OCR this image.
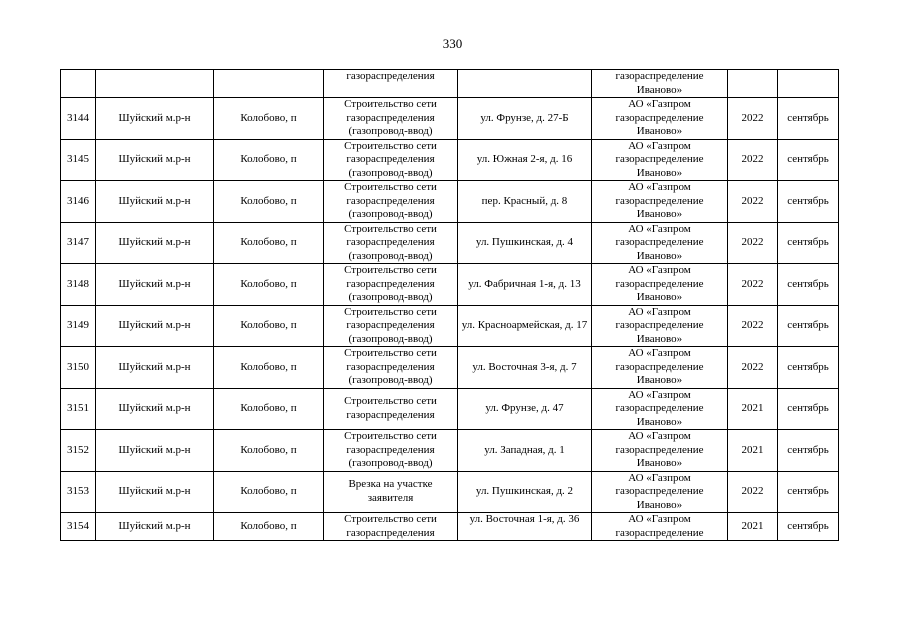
330
			газораспределения		газораспределение Иваново»		
3144	Шуйский м.р-н	Колобово, п	Строительство сети газораспределения (газопровод-ввод)	ул. Фрунзе, д. 27-Б	АО «Газпром газораспределение Иваново»	2022	сентябрь
3145	Шуйский м.р-н	Колобово, п	Строительство сети газораспределения (газопровод-ввод)	ул. Южная 2-я, д. 16	АО «Газпром газораспределение Иваново»	2022	сентябрь
3146	Шуйский м.р-н	Колобово, п	Строительство сети газораспределения (газопровод-ввод)	пер. Красный, д. 8	АО «Газпром газораспределение Иваново»	2022	сентябрь
3147	Шуйский м.р-н	Колобово, п	Строительство сети газораспределения (газопровод-ввод)	ул. Пушкинская, д. 4	АО «Газпром газораспределение Иваново»	2022	сентябрь
3148	Шуйский м.р-н	Колобово, п	Строительство сети газораспределения (газопровод-ввод)	ул. Фабричная 1-я, д. 13	АО «Газпром газораспределение Иваново»	2022	сентябрь
3149	Шуйский м.р-н	Колобово, п	Строительство сети газораспределения (газопровод-ввод)	ул. Красноармейская, д. 17	АО «Газпром газораспределение Иваново»	2022	сентябрь
3150	Шуйский м.р-н	Колобово, п	Строительство сети газораспределения (газопровод-ввод)	ул. Восточная 3-я, д. 7	АО «Газпром газораспределение Иваново»	2022	сентябрь
3151	Шуйский м.р-н	Колобово, п	Строительство сети газораспределения	ул. Фрунзе, д. 47	АО «Газпром газораспределение Иваново»	2021	сентябрь
3152	Шуйский м.р-н	Колобово, п	Строительство сети газораспределения (газопровод-ввод)	ул. Западная, д. 1	АО «Газпром газораспределение Иваново»	2021	сентябрь
3153	Шуйский м.р-н	Колобово, п	Врезка на участке заявителя	ул. Пушкинская, д. 2	АО «Газпром газораспределение Иваново»	2022	сентябрь
3154	Шуйский м.р-н	Колобово, п	Строительство сети газораспределения	ул. Восточная 1-я, д. 36	АО «Газпром газораспределение	2021	сентябрь
